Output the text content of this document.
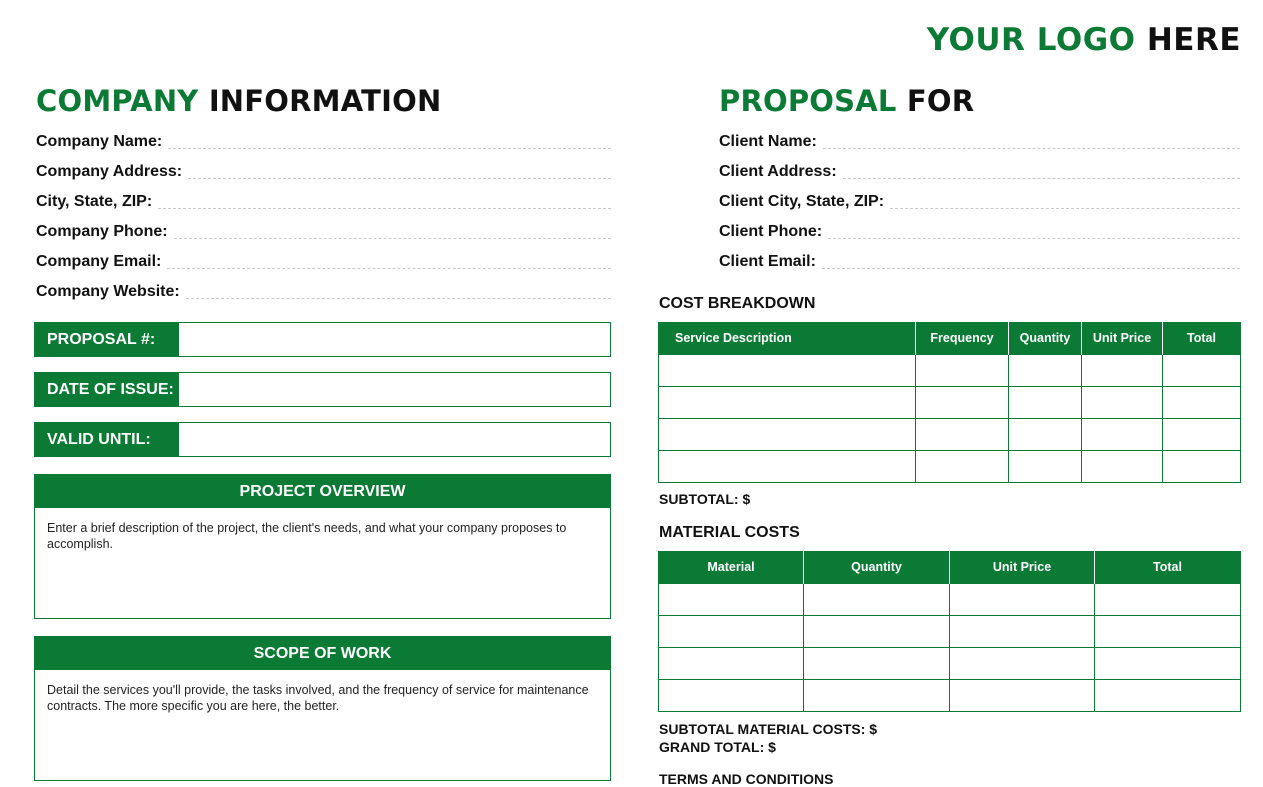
YOUR LOGO HERE
COMPANY INFORMATION
Company Name:
Company Address:
City, State, ZIP:
Company Phone:
Company Email:
Company Website:
PROPOSAL FOR
Client Name:
Client Address:
Client City, State, ZIP:
Client Phone:
Client Email:
PROPOSAL #:
DATE OF ISSUE:
VALID UNTIL:
PROJECT OVERVIEW
Enter a brief description of the project, the client's needs, and what your company proposes to accomplish.
SCOPE OF WORK
Detail the services you'll provide, the tasks involved, and the frequency of service for maintenance contracts. The more specific you are here, the better.
COST BREAKDOWN
Service Description	Frequency	Quantity	Unit Price	Total

SUBTOTAL: $
MATERIAL COSTS
Material	Quantity	Unit Price	Total

SUBTOTAL MATERIAL COSTS: $
GRAND TOTAL: $
TERMS AND CONDITIONS
